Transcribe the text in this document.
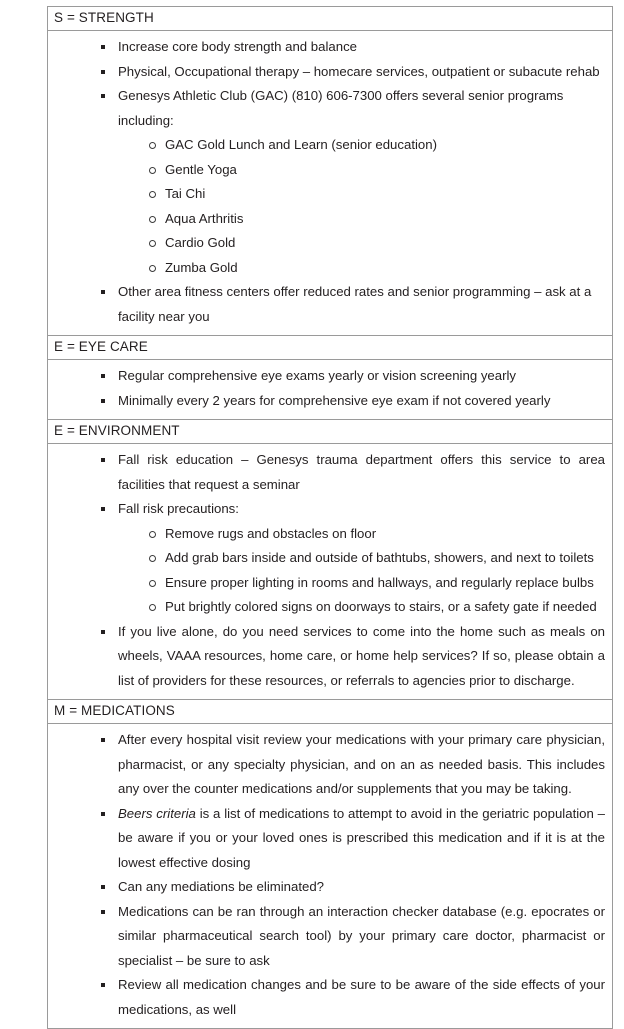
S = STRENGTH

Increase core body strength and balance
Physical, Occupational therapy – homecare services, outpatient or subacute rehab
Genesys Athletic Club (GAC) (810) 606-7300 offers several senior programs including:
GAC Gold Lunch and Learn (senior education)
Gentle Yoga
Tai Chi
Aqua Arthritis
Cardio Gold
Zumba Gold
Other area fitness centers offer reduced rates and senior programming – ask at a facility near you

E = EYE CARE

Regular comprehensive eye exams yearly or vision screening yearly
Minimally every 2 years for comprehensive eye exam if not covered yearly

E = ENVIRONMENT

Fall risk education – Genesys trauma department offers this service to area facilities that request a seminar
Fall risk precautions:
Remove rugs and obstacles on floor
Add grab bars inside and outside of bathtubs, showers, and next to toilets
Ensure proper lighting in rooms and hallways, and regularly replace bulbs
Put brightly colored signs on doorways to stairs, or a safety gate if needed
If you live alone, do you need services to come into the home such as meals on wheels, VAAA resources, home care, or home help services? If so, please obtain a list of providers for these resources, or referrals to agencies prior to discharge.

M = MEDICATIONS

After every hospital visit review your medications with your primary care physician, pharmacist, or any specialty physician, and on an as needed basis. This includes any over the counter medications and/or supplements that you may be taking.
Beers criteria is a list of medications to attempt to avoid in the geriatric population – be aware if you or your loved ones is prescribed this medication and if it is at the lowest effective dosing
Can any mediations be eliminated?
Medications can be ran through an interaction checker database (e.g. epocrates or similar pharmaceutical search tool) by your primary care doctor, pharmacist or specialist – be sure to ask
Review all medication changes and be sure to be aware of the side effects of your medications, as well
